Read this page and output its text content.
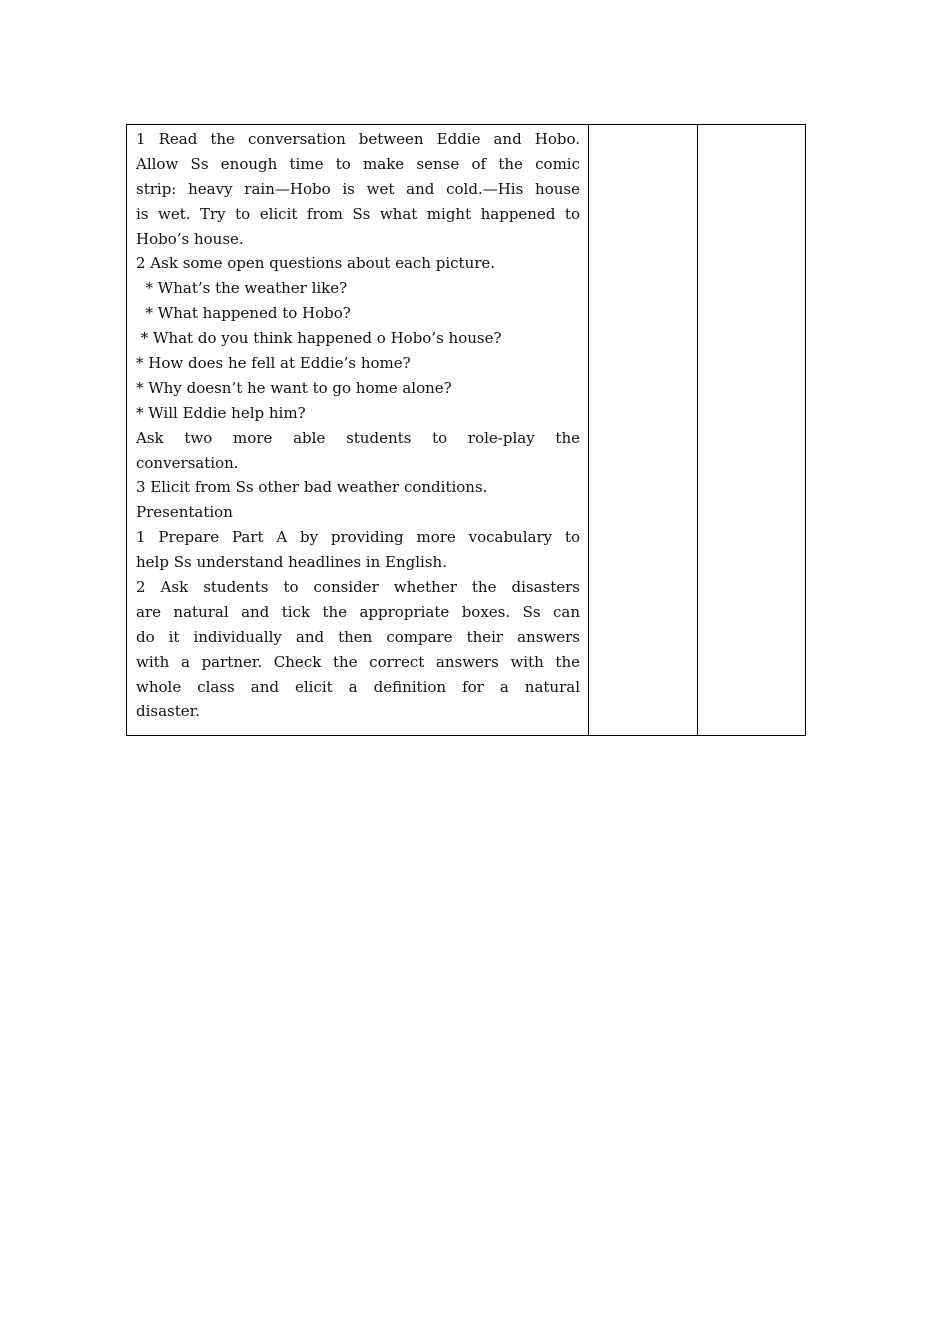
1 Read the conversation between Eddie and Hobo.
Allow Ss enough time to make sense of the comic
strip: heavy rain—Hobo is wet and cold.—His house
is wet. Try to elicit from Ss what might happened to
Hobo’s house.
2 Ask some open questions about each picture.
* What’s the weather like?
* What happened to Hobo?
* What do you think happened o Hobo’s house?
* How does he fell at Eddie’s home?
* Why doesn’t he want to go home alone?
* Will Eddie help him?
Ask two more able students to role-play the
conversation.
3 Elicit from Ss other bad weather conditions.
Presentation
1 Prepare Part A by providing more vocabulary to
help Ss understand headlines in English.
2 Ask students to consider whether the disasters
are natural and tick the appropriate boxes. Ss can
do it individually and then compare their answers
with a partner. Check the correct answers with the
whole class and elicit a definition for a natural
disaster.
